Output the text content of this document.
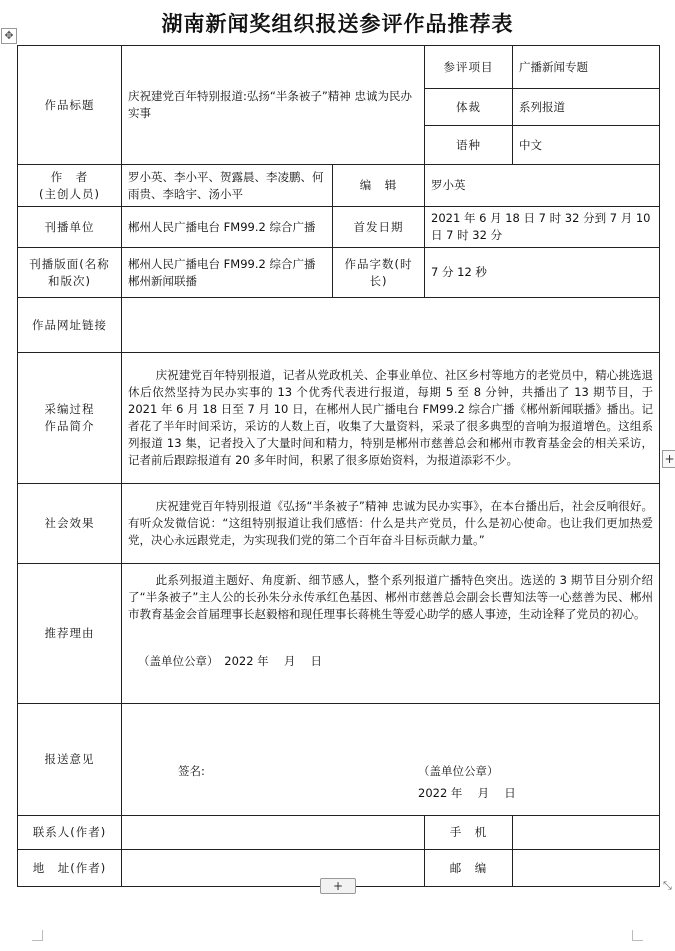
湖南新闻奖组织报送参评作品推荐表
✥
作品标题	庆祝建党百年特别报道:弘扬“半条被子”精神 忠诚为民办实事		参评项目	广播新闻专题
			体裁	系列报道
			语种	中文

作　者
(主创人员)	罗小英、李小平、贺露晨、李凌鹏、何雨贵、李晗宇、汤小平	编　辑	罗小英	
刊播单位	郴州人民广播电台 FM99.2 综合广播	首发日期	2021 年 6 月 18 日 7 时 32 分到 7 月 10 日 7 时 32 分	
刊播版面(名称和版次)	郴州人民广播电台 FM99.2 综合广播郴州新闻联播	作品字数(时长)	7 分 12 秒	
作品网址链接				

采编过程
作品简介	庆祝建党百年特别报道，记者从党政机关、企事业单位、社区乡村等地方的老党员中，精心挑选退休后依然坚持为民办实事的 13 个优秀代表进行报道，每期 5 至 8 分钟，共播出了 13 期节目，于 2021 年 6 月 18 日至 7 月 10 日，在郴州人民广播电台 FM99.2 综合广播《郴州新闻联播》播出。记者花了半年时间采访，采访的人数上百，收集了大量资料，采录了很多典型的音响为报道增色。这组系列报道 13 集，记者投入了大量时间和精力，特别是郴州市慈善总会和郴州市教育基金会的相关采访，记者前后跟踪报道有 20 多年时间，积累了很多原始资料，为报道添彩不少。			
社会效果	庆祝建党百年特别报道《弘扬“半条被子”精神 忠诚为民办实事》，在本台播出后，社会反响很好。有听众发微信说：“这组特别报道让我们感悟：什么是共产党员，什么是初心使命。也让我们更加热爱党，决心永远跟党走，为实现我们党的第二个百年奋斗目标贡献力量。”			
推荐理由	此系列报道主题好、角度新、细节感人，整个系列报道广播特色突出。选送的 3 期节目分别介绍了“半条被子”主人公的长孙朱分永传承红色基因、郴州市慈善总会副会长曹知法等一心慈善为民、郴州市教育基金会首届理事长赵毅榕和现任理事长蒋桃生等爱心助学的感人事迹，生动诠释了党员的初心。
（盖单位公章）　2022 年　 月　 日			

报送意见	签名: （盖单位公章）
2022 年　 月　 日			

联系人(作者)			手　机	
地　址(作者)			邮　编	
+
+	⤡
